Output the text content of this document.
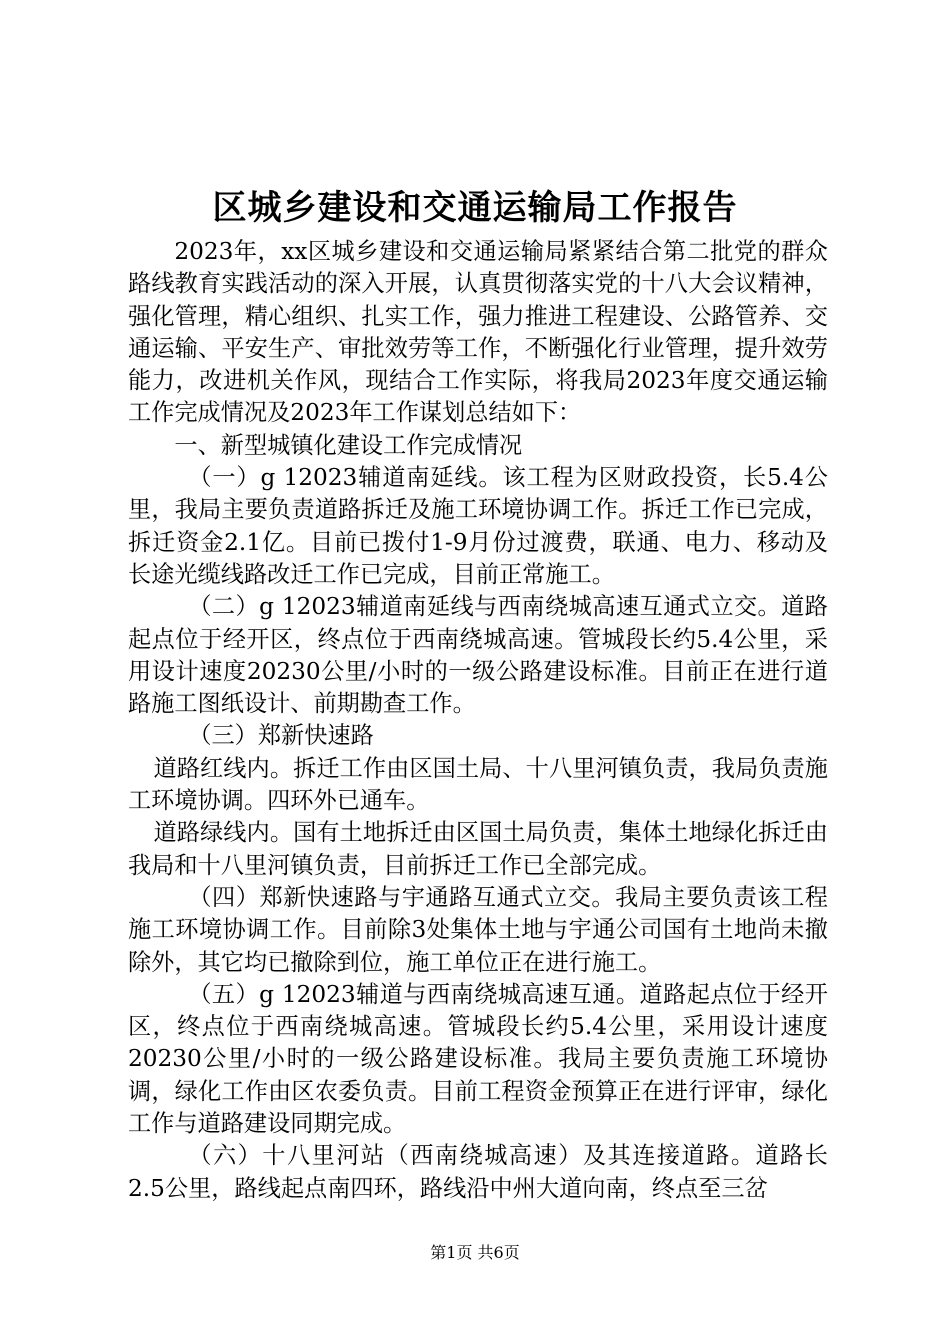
区城乡建设和交通运输局工作报告

2023年，xx区城乡建设和交通运输局紧紧结合第二批党的群众路线教育实践活动的深入开展，认真贯彻落实党的十八大会议精神，强化管理，精心组织、扎实工作，强力推进工程建设、公路管养、交通运输、平安生产、审批效劳等工作，不断强化行业管理，提升效劳能力，改进机关作风，现结合工作实际，将我局2023年度交通运输工作完成情况及2023年工作谋划总结如下：

一、新型城镇化建设工作完成情况

（一）g 12023辅道南延线。该工程为区财政投资，长5.4公里，我局主要负责道路拆迁及施工环境协调工作。拆迁工作已完成，拆迁资金2.1亿。目前已拨付1-9月份过渡费，联通、电力、移动及长途光缆线路改迁工作已完成，目前正常施工。

（二）g 12023辅道南延线与西南绕城高速互通式立交。道路起点位于经开区，终点位于西南绕城高速。管城段长约5.4公里，采用设计速度20230公里/小时的一级公路建设标准。目前正在进行道路施工图纸设计、前期勘查工作。

（三）郑新快速路

道路红线内。拆迁工作由区国土局、十八里河镇负责，我局负责施工环境协调。四环外已通车。

道路绿线内。国有土地拆迁由区国土局负责，集体土地绿化拆迁由我局和十八里河镇负责，目前拆迁工作已全部完成。

（四）郑新快速路与宇通路互通式立交。我局主要负责该工程施工环境协调工作。目前除3处集体土地与宇通公司国有土地尚未撤除外，其它均已撤除到位，施工单位正在进行施工。

（五）g 12023辅道与西南绕城高速互通。道路起点位于经开区，终点位于西南绕城高速。管城段长约5.4公里，采用设计速度20230公里/小时的一级公路建设标准。我局主要负责施工环境协调，绿化工作由区农委负责。目前工程资金预算正在进行评审，绿化工作与道路建设同期完成。

（六）十八里河站（西南绕城高速）及其连接道路。道路长2.5公里，路线起点南四环，路线沿中州大道向南，终点至三岔

第1页 共6页
